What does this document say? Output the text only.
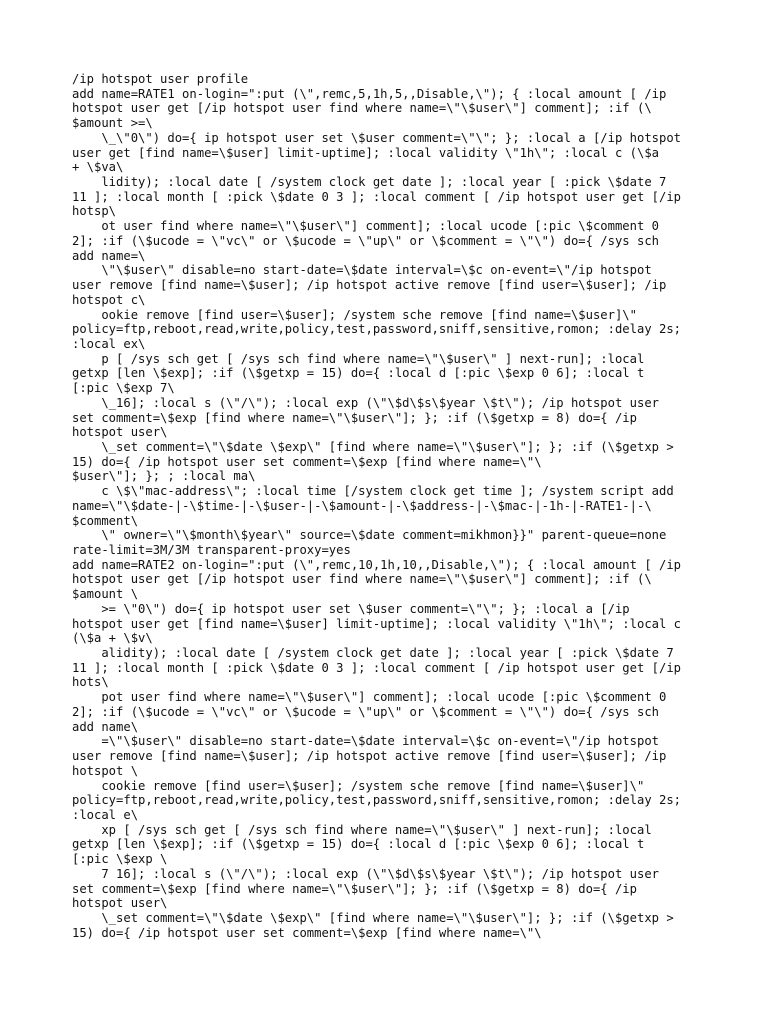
/ip hotspot user profile
add name=RATE1 on-login=":put (\",remc,5,1h,5,,Disable,\"); { :local amount [ /ip
hotspot user get [/ip hotspot user find where name=\"\$user\"] comment]; :if (\
$amount >=\
\_\"0\") do={ ip hotspot user set \$user comment=\"\"; }; :local a [/ip hotspot
user get [find name=\$user] limit-uptime]; :local validity \"1h\"; :local c (\$a
+ \$va\
lidity); :local date [ /system clock get date ]; :local year [ :pick \$date 7
11 ]; :local month [ :pick \$date 0 3 ]; :local comment [ /ip hotspot user get [/ip
hotsp\
ot user find where name=\"\$user\"] comment]; :local ucode [:pic \$comment 0
2]; :if (\$ucode = \"vc\" or \$ucode = \"up\" or \$comment = \"\") do={ /sys sch
add name=\
\"\$user\" disable=no start-date=\$date interval=\$c on-event=\"/ip hotspot
user remove [find name=\$user]; /ip hotspot active remove [find user=\$user]; /ip
hotspot c\
ookie remove [find user=\$user]; /system sche remove [find name=\$user]\"
policy=ftp,reboot,read,write,policy,test,password,sniff,sensitive,romon; :delay 2s;
:local ex\
p [ /sys sch get [ /sys sch find where name=\"\$user\" ] next-run]; :local
getxp [len \$exp]; :if (\$getxp = 15) do={ :local d [:pic \$exp 0 6]; :local t
[:pic \$exp 7\
\_16]; :local s (\"/\"); :local exp (\"\$d\$s\$year \$t\"); /ip hotspot user
set comment=\$exp [find where name=\"\$user\"]; }; :if (\$getxp = 8) do={ /ip
hotspot user\
\_set comment=\"\$date \$exp\" [find where name=\"\$user\"]; }; :if (\$getxp >
15) do={ /ip hotspot user set comment=\$exp [find where name=\"\
$user\"]; }; ; :local ma\
c \$\"mac-address\"; :local time [/system clock get time ]; /system script add
name=\"\$date-|-\$time-|-\$user-|-\$amount-|-\$address-|-\$mac-|-1h-|-RATE1-|-\
$comment\
\" owner=\"\$month\$year\" source=\$date comment=mikhmon}}" parent-queue=none
rate-limit=3M/3M transparent-proxy=yes
add name=RATE2 on-login=":put (\",remc,10,1h,10,,Disable,\"); { :local amount [ /ip
hotspot user get [/ip hotspot user find where name=\"\$user\"] comment]; :if (\
$amount \
>= \"0\") do={ ip hotspot user set \$user comment=\"\"; }; :local a [/ip
hotspot user get [find name=\$user] limit-uptime]; :local validity \"1h\"; :local c
(\$a + \$v\
alidity); :local date [ /system clock get date ]; :local year [ :pick \$date 7
11 ]; :local month [ :pick \$date 0 3 ]; :local comment [ /ip hotspot user get [/ip
hots\
pot user find where name=\"\$user\"] comment]; :local ucode [:pic \$comment 0
2]; :if (\$ucode = \"vc\" or \$ucode = \"up\" or \$comment = \"\") do={ /sys sch
add name\
=\"\$user\" disable=no start-date=\$date interval=\$c on-event=\"/ip hotspot
user remove [find name=\$user]; /ip hotspot active remove [find user=\$user]; /ip
hotspot \
cookie remove [find user=\$user]; /system sche remove [find name=\$user]\"
policy=ftp,reboot,read,write,policy,test,password,sniff,sensitive,romon; :delay 2s;
:local e\
xp [ /sys sch get [ /sys sch find where name=\"\$user\" ] next-run]; :local
getxp [len \$exp]; :if (\$getxp = 15) do={ :local d [:pic \$exp 0 6]; :local t
[:pic \$exp \
7 16]; :local s (\"/\"); :local exp (\"\$d\$s\$year \$t\"); /ip hotspot user
set comment=\$exp [find where name=\"\$user\"]; }; :if (\$getxp = 8) do={ /ip
hotspot user\
\_set comment=\"\$date \$exp\" [find where name=\"\$user\"]; }; :if (\$getxp >
15) do={ /ip hotspot user set comment=\$exp [find where name=\"\
